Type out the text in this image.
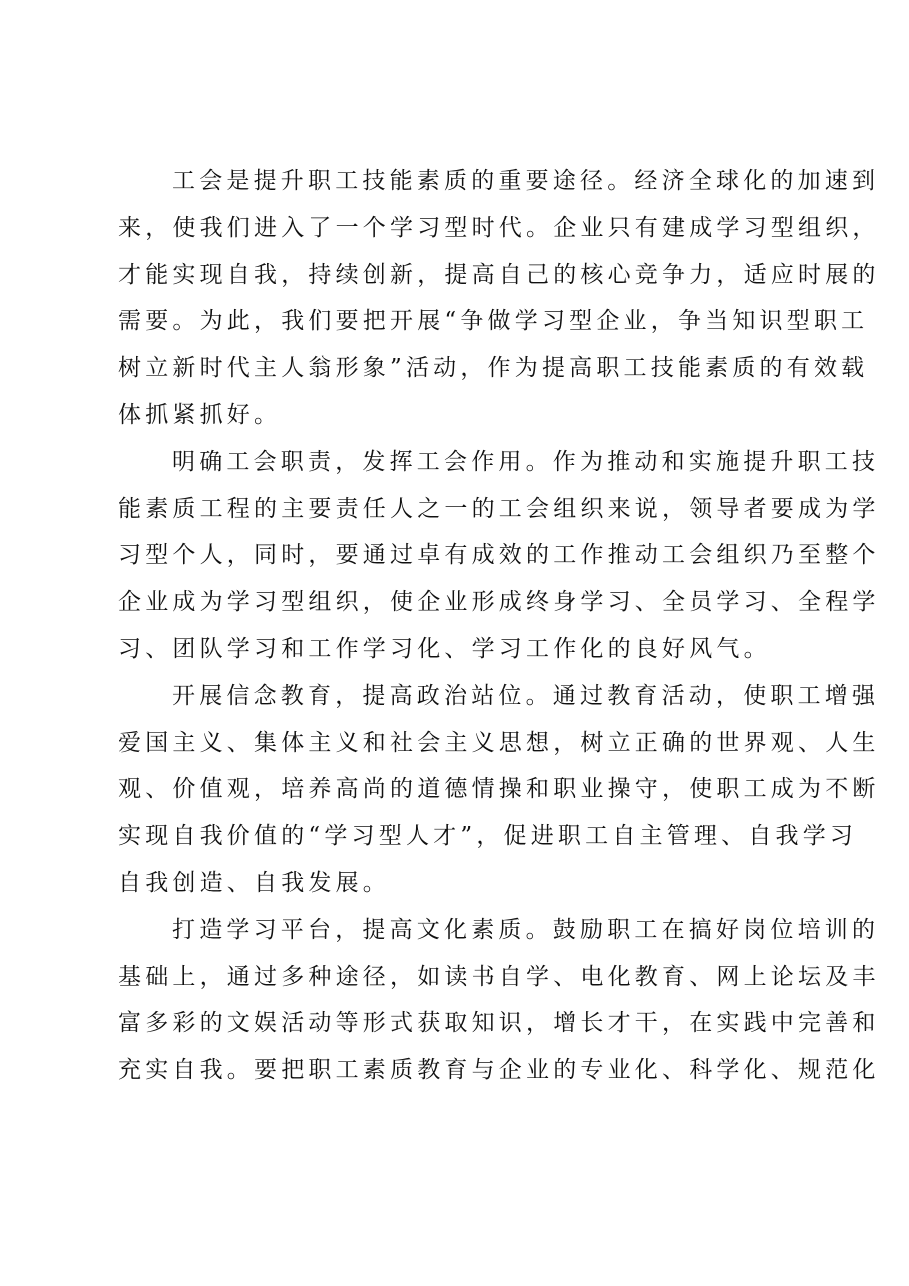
工会是提升职工技能素质的重要途径。经济全球化的加速到
来，使我们进入了一个学习型时代。企业只有建成学习型组织，
才能实现自我，持续创新，提高自己的核心竞争力，适应时展的
需要。为此，我们要把开展“争做学习型企业，争当知识型职工
树立新时代主人翁形象”活动，作为提高职工技能素质的有效载
体抓紧抓好。
明确工会职责，发挥工会作用。作为推动和实施提升职工技
能素质工程的主要责任人之一的工会组织来说，领导者要成为学
习型个人，同时，要通过卓有成效的工作推动工会组织乃至整个
企业成为学习型组织，使企业形成终身学习、全员学习、全程学
习、团队学习和工作学习化、学习工作化的良好风气。
开展信念教育，提高政治站位。通过教育活动，使职工增强
爱国主义、集体主义和社会主义思想，树立正确的世界观、人生
观、价值观，培养高尚的道德情操和职业操守，使职工成为不断
实现自我价值的“学习型人才”，促进职工自主管理、自我学习
自我创造、自我发展。
打造学习平台，提高文化素质。鼓励职工在搞好岗位培训的
基础上，通过多种途径，如读书自学、电化教育、网上论坛及丰
富多彩的文娱活动等形式获取知识，增长才干，在实践中完善和
充实自我。要把职工素质教育与企业的专业化、科学化、规范化
